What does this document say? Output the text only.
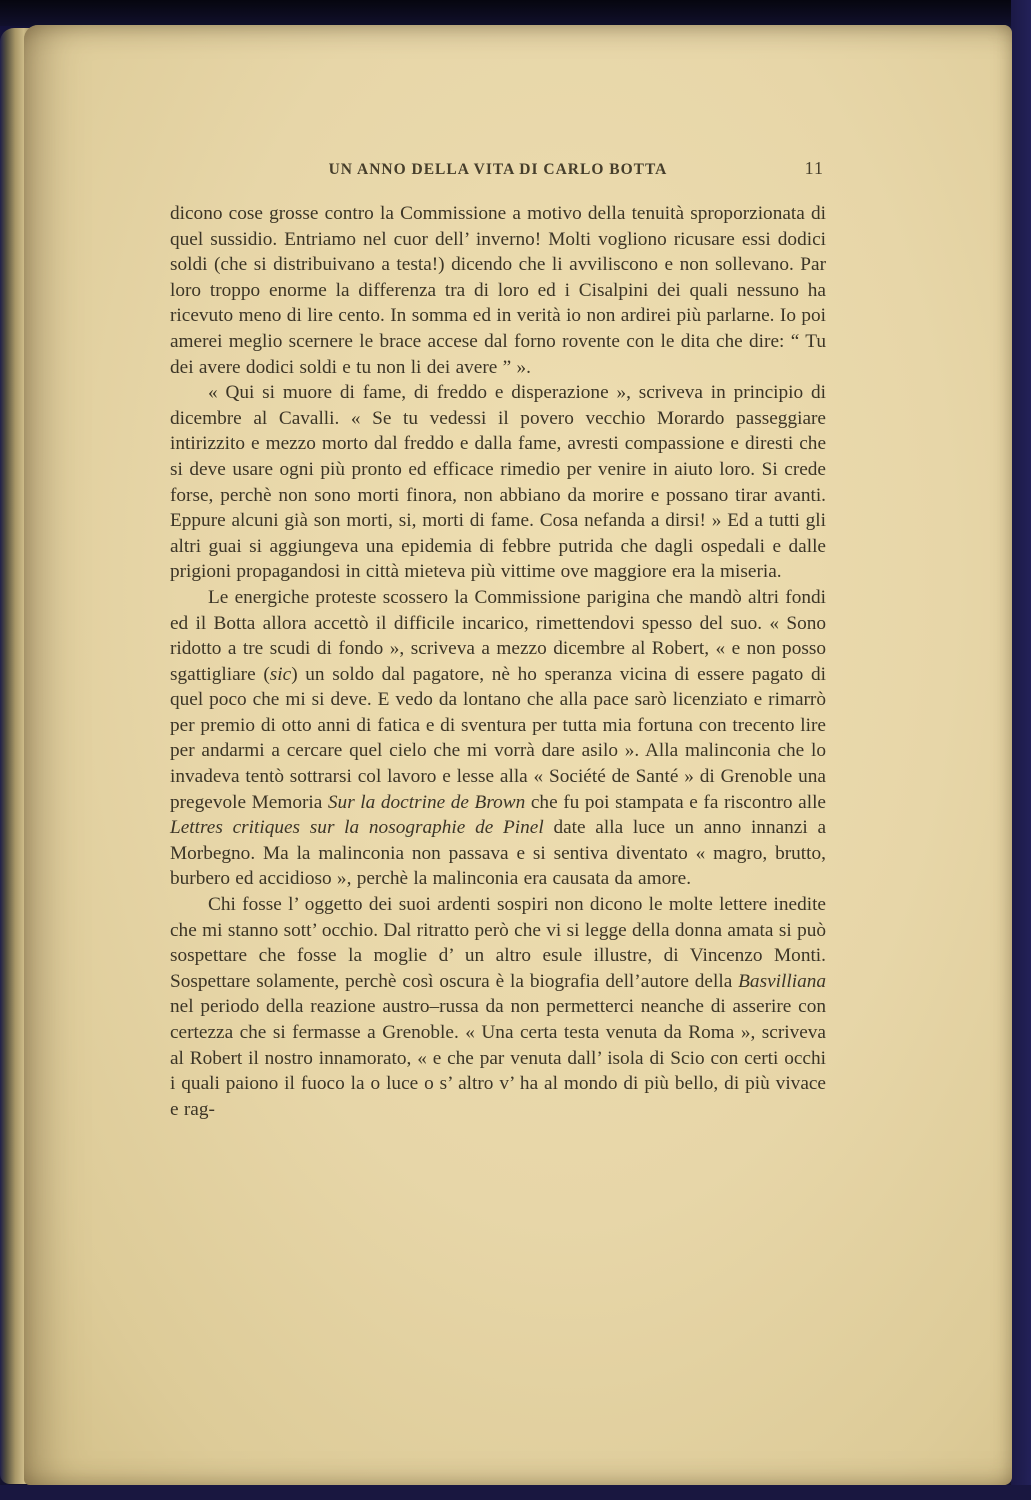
UN ANNO DELLA VITA DI CARLO BOTTA	11

dicono cose grosse contro la Commissione a motivo della tenuità sproporzionata di quel sussidio. Entriamo nel cuor dell’ inverno! Molti vogliono ricusare essi dodici soldi (che si distribuivano a testa!) dicendo che li avviliscono e non sollevano. Par loro troppo enorme la differenza tra di loro ed i Cisalpini dei quali nessuno ha ricevuto meno di lire cento. In somma ed in verità io non ardirei più parlarne. Io poi amerei meglio scernere le brace accese dal forno rovente con le dita che dire: “ Tu dei avere dodici soldi e tu non li dei avere ” ».

« Qui si muore di fame, di freddo e disperazione », scriveva in principio di dicembre al Cavalli. « Se tu vedessi il povero vecchio Morardo passeggiare intirizzito e mezzo morto dal freddo e dalla fame, avresti compassione e diresti che si deve usare ogni più pronto ed efficace rimedio per venire in aiuto loro. Si crede forse, perchè non sono morti finora, non abbiano da morire e possano tirar avanti. Eppure alcuni già son morti, si, morti di fame. Cosa nefanda a dirsi! » Ed a tutti gli altri guai si aggiungeva una epidemia di febbre putrida che dagli ospedali e dalle prigioni propagandosi in città mieteva più vittime ove maggiore era la miseria.

Le energiche proteste scossero la Commissione parigina che mandò altri fondi ed il Botta allora accettò il difficile incarico, rimettendovi spesso del suo. « Sono ridotto a tre scudi di fondo », scriveva a mezzo dicembre al Robert, « e non posso sgattigliare (sic) un soldo dal pagatore, nè ho speranza vicina di essere pagato di quel poco che mi si deve. E vedo da lontano che alla pace sarò licenziato e rimarrò per premio di otto anni di fatica e di sventura per tutta mia fortuna con trecento lire per andarmi a cercare quel cielo che mi vorrà dare asilo ». Alla malinconia che lo invadeva tentò sottrarsi col lavoro e lesse alla « Société de Santé » di Grenoble una pregevole Memoria Sur la doctrine de Brown che fu poi stampata e fa riscontro alle Lettres critiques sur la nosographie de Pinel date alla luce un anno innanzi a Morbegno. Ma la malinconia non passava e si sentiva diventato « magro, brutto, burbero ed accidioso », perchè la malinconia era causata da amore.

Chi fosse l’ oggetto dei suoi ardenti sospiri non dicono le molte lettere inedite che mi stanno sott’ occhio. Dal ritratto però che vi si legge della donna amata si può sospettare che fosse la moglie d’ un altro esule illustre, di Vincenzo Monti. Sospettare solamente, perchè così oscura è la biografia dell’autore della Basvilliana nel periodo della reazione austro–russa da non permetterci neanche di asserire con certezza che si fermasse a Grenoble. « Una certa testa venuta da Roma », scriveva al Robert il nostro innamorato, « e che par venuta dall’ isola di Scio con certi occhi i quali paiono il fuoco la o luce o s’ altro v’ ha al mondo di più bello, di più vivace e rag-
